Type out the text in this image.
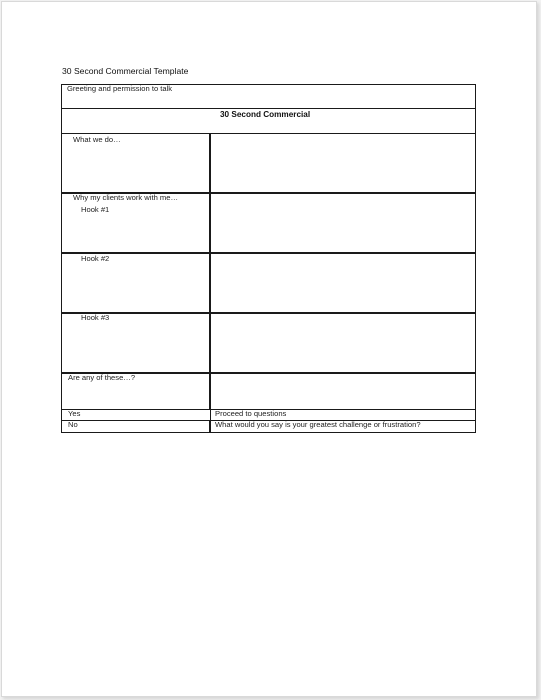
30 Second Commercial Template
Greeting and permission to talk
30 Second Commercial
What we do…
Why my clients work with me…
Hook #1
Hook #2
Hook #3
Are any of these…?
Yes	Proceed to questions
No	What would you say is your greatest challenge or frustration?
